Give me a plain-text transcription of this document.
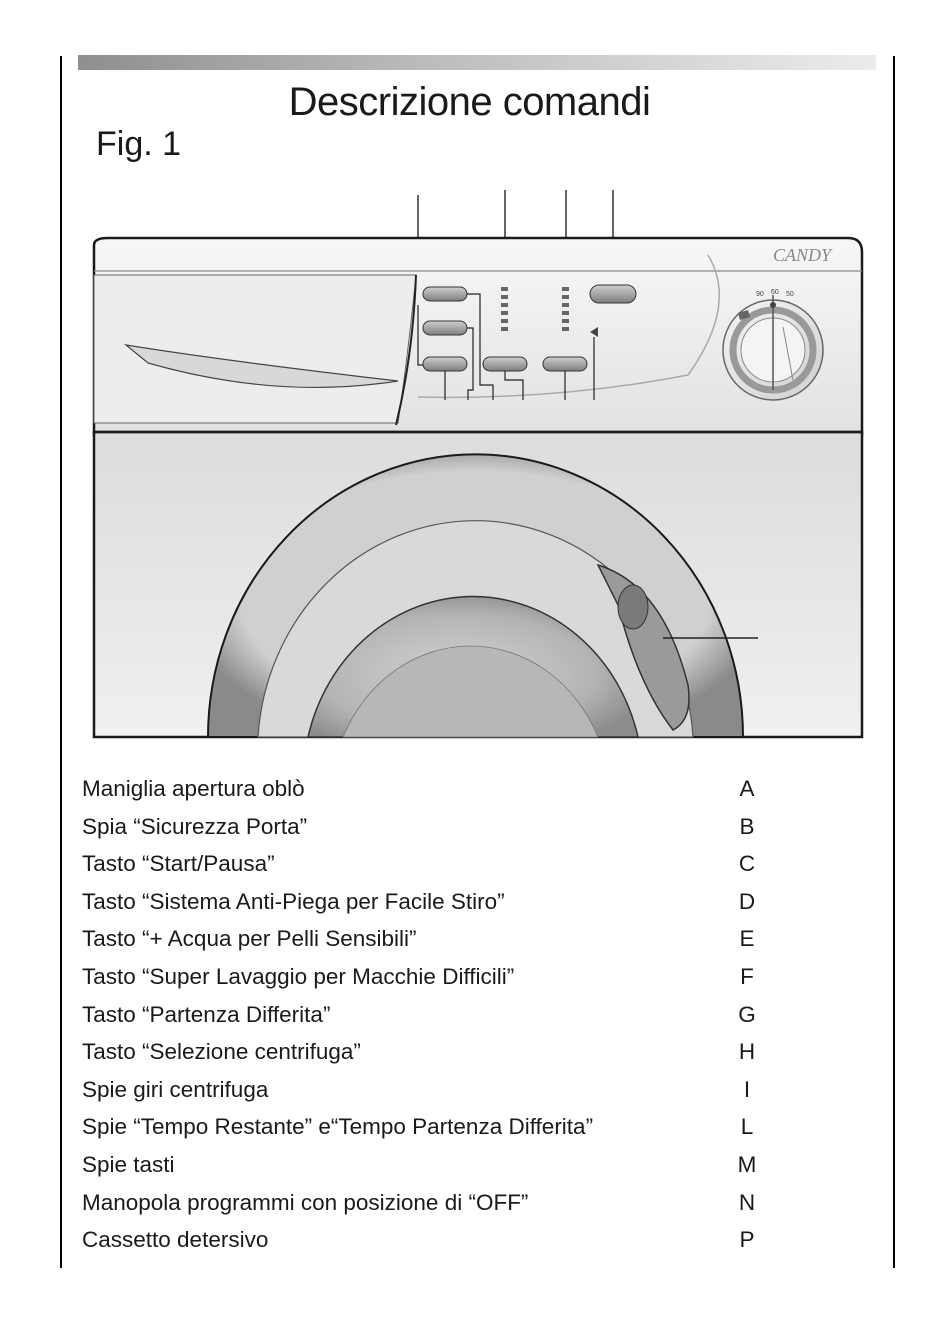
Descrizione comandi
Fig. 1
CANDY
90 60 50
Maniglia apertura oblò	A
Spia “Sicurezza Porta”	B
Tasto “Start/Pausa”	C
Tasto “Sistema Anti-Piega per Facile Stiro”	D
Tasto “+ Acqua per Pelli Sensibili”	E
Tasto “Super Lavaggio per Macchie Difficili”	F
Tasto “Partenza Differita”	G
Tasto “Selezione centrifuga”	H
Spie giri centrifuga	I
Spie “Tempo Restante” e“Tempo Partenza Differita”	L
Spie tasti	M
Manopola programmi con posizione di “OFF”	N
Cassetto detersivo	P
